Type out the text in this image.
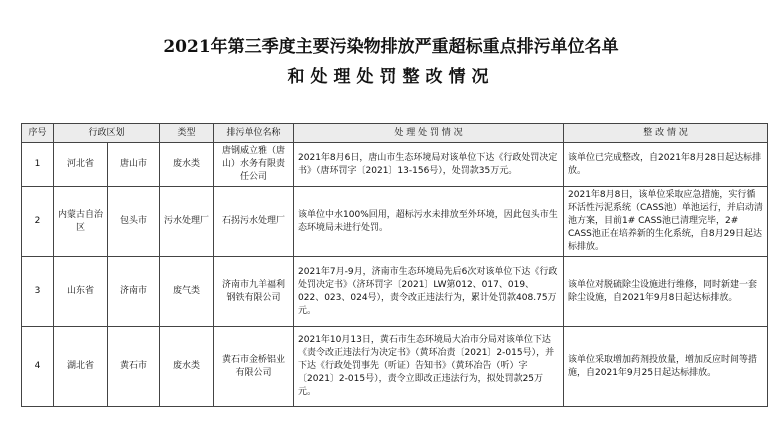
2021年第三季度主要污染物排放严重超标重点排污单位名单
和处理处罚整改情况
序号	行政区划		类型	排污单位名称	处 理 处 罚 情 况	整 改 情 况
1	河北省	唐山市	废水类	唐钢威立雅（唐山）水务有限责任公司	2021年8月6日，唐山市生态环境局对该单位下达《行政处罚决定书》（唐环罚字〔2021〕13-156号），处罚款35万元。	该单位已完成整改，自2021年8月28日起达标排放。
2	内蒙古自治区	包头市	污水处理厂	石拐污水处理厂	该单位中水100%回用，超标污水未排放至外环境，因此包头市生态环境局未进行处罚。	2021年8月8日，该单位采取应急措施，实行循环活性污泥系统（CASS池）单池运行，并启动清池方案，目前1# CASS池已清理完毕，2# CASS池正在培养新的生化系统，自8月29日起达标排放。
3	山东省	济南市	废气类	济南市九羊福利钢铁有限公司	2021年7月-9月，济南市生态环境局先后6次对该单位下达《行政处罚决定书》（济环罚字〔2021〕LW第012、017、019、022、023、024号），责令改正违法行为，累计处罚款408.75万元。	该单位对脱硫除尘设施进行维修，同时新建一套除尘设施，自2021年9月8日起达标排放。
4	湖北省	黄石市	废水类	黄石市金桥铝业有限公司	2021年10月13日，黄石市生态环境局大冶市分局对该单位下达《责令改正违法行为决定书》（黄环冶责〔2021〕2-015号），并下达《行政处罚事先（听证）告知书》（黄环冶告（听）字〔2021〕2-015号），责令立即改正违法行为，拟处罚款25万元。	该单位采取增加药剂投放量，增加反应时间等措施，自2021年9月25日起达标排放。
